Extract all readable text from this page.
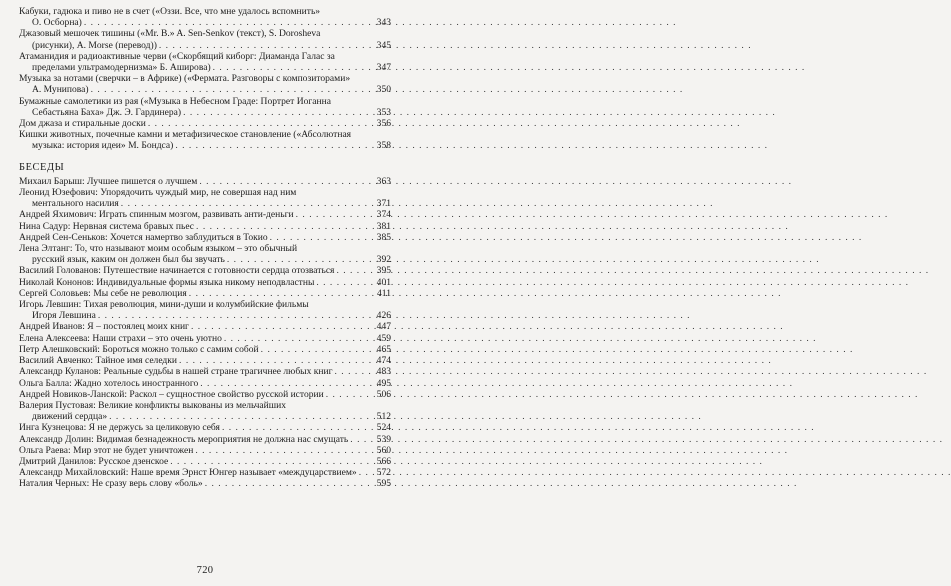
Кабуки, гадюка и пиво не в счет («Оззи. Все, что мне удалось вспомнить»
О. Осборна) . . .	343
Джазовый мешочек тишины («Mr. B.» A. Sen-Senkov (текст), S. Dorosheva
(рисунки), A. Morse (перевод)) . . .	345
Атаманидия и радиоактивные черви («Скорбящий киборг: Диаманда Галас за
пределами ультрамодернизма» Б. Аширова) . . .	347
Музыка за нотами (сверчки – в Африке) («Фермата. Разговоры с композиторами»
А. Мунипова) . . .	350
Бумажные самолетики из рая («Музыка в Небесном Граде: Портрет Иоганна
Себастьяна Баха» Дж. Э. Гардинера) . . .	353
Дом джаза и стиральные доски . . .	356
Кишки животных, почечные камни и метафизическое становление («Абсолютная
музыка: история идеи» М. Бондса) . . .	358
БЕСЕДЫ
Михаил Барыш: Лучшее пишется о лучшем . . .	363
Леонид Юзефович: Упорядочить чуждый мир, не совершая над ним
ментального насилия . . .	371
Андрей Яхимович: Играть спинным мозгом, развивать анти-деньги . . .	374
Нина Садур: Нервная система бравых пьес . . .	381
Андрей Сен-Сеньков: Хочется намертво заблудиться в Токио . . .	385
Лена Элтанг: То, что называют моим особым языком – это обычный
русский язык, каким он должен был бы звучать . . .	392
Василий Голованов: Путешествие начинается с готовности сердца отозваться . . .	395
Николай Кононов: Индивидуальные формы языка никому неподвластны . . .	401
Сергей Соловьев: Мы себе не революция . . .	411
Игорь Левшин: Тихая революция, мини-души и колумбийские фильмы
Игоря Левшина . . .	426
Андрей Иванов: Я – постоялец моих книг . . .	447
Елена Алексеева: Наши страхи – это очень уютно . . .	459
Петр Алешковский: Бороться можно только с самим собой . . .	465
Василий Авченко: Тайное имя селедки . . .	474
Александр Куланов: Реальные судьбы в нашей стране трагичнее любых книг . . .	483
Ольга Балла: Жадно хотелось иностранного . . .	495
Андрей Новиков-Ланской: Раскол – сущностное свойство русской истории . . .	506
Валерия Пустовая: Великие конфликты выкованы из мельчайших
движений сердца» . . .	512
Инга Кузнецова: Я не держусь за целиковую себя . . .	524
Александр Долин: Видимая безнадежность мероприятия не должна нас смущать . . .	539
Ольга Раева: Мир этот не будет уничтожен . . .	560
Дмитрий Данилов: Русское дзенское . . .	566
Александр Михайловский: Наше время Эрнст Юнгер называет «междуцарствием» . . .	572
Наталия Черных: Не сразу верь слову «боль» . . .	595
720
